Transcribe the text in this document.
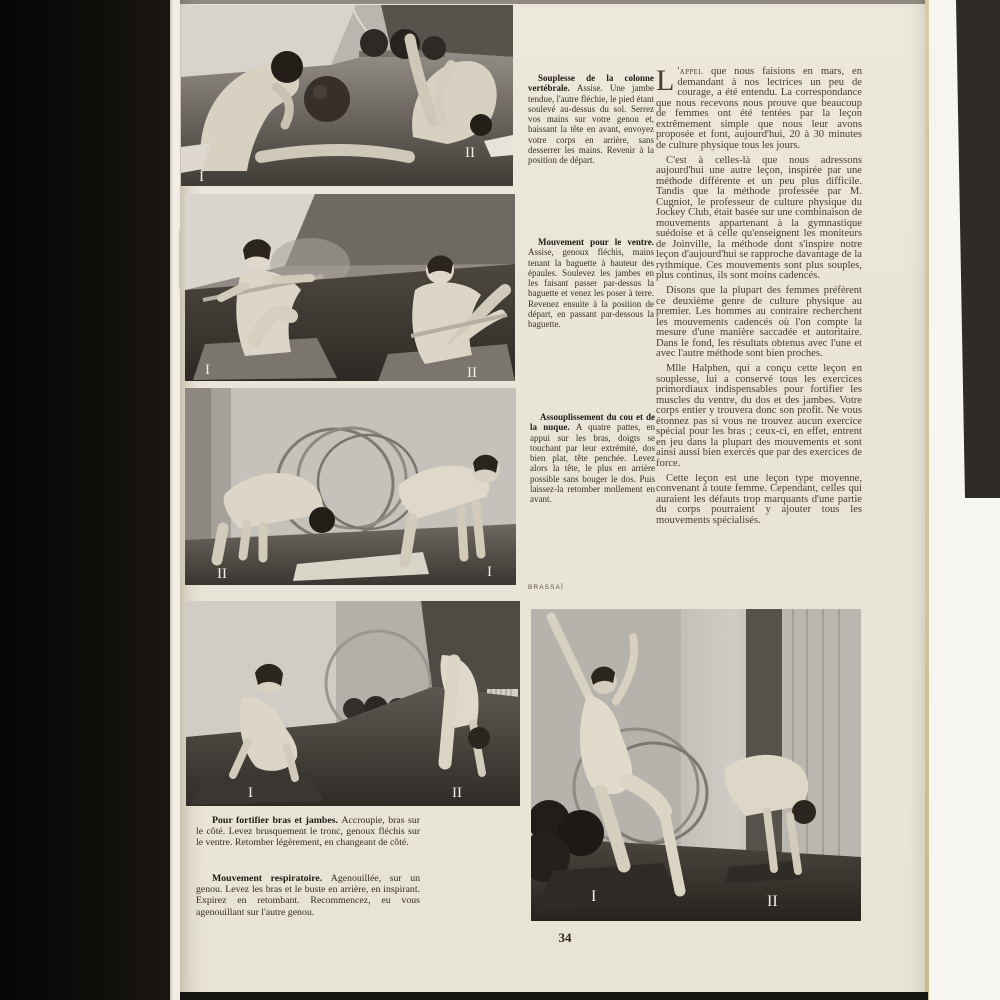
I
II
I	II
II	I
I	II
I	II
Souplesse de la colonne vertébrale. Assise. Une jambe tendue, l'autre fléchie, le pied étant soulevé au-dessus du sol. Serrez vos mains sur votre genou et, baissant la tête en avant, envoyez votre corps en arrière, sans desserrer les mains. Revenir à la position de départ.
Mouvement pour le ventre.Assise, genoux fléchis, mains tenant la baguette à hauteur des épaules. Soulevez les jambes en les faisant passer par-dessus la baguette et venez les poser à terre. Revenez ensuite à la position de départ, en passant par-dessous la baguette.
Assouplissement du cou et de la nuque. A quatre pattes, en appui sur les bras, doigts se touchant par leur extrémité, dos bien plat, tête penchée. Levez alors la tête, le plus en arrière possible sans bouger le dos. Puis laissez-la retomber mollement en avant.
BRASSAÏ

L 'appel que nous faisions en mars, en demandant à nos lectrices un peu de courage, a été entendu. La correspondance que nous recevons nous prouve que beaucoup de femmes ont été tentées par la leçon extrêmement simple que nous leur avons proposée et font, aujourd'hui, 20 à 30 minutes de culture physique tous les jours.

C'est à celles-là que nous adressons aujourd'hui une autre leçon, inspirée par une méthode différente et un peu plus difficile. Tandis que la méthode professée par M. Cugniot, le professeur de culture physique du Jockey Club, était basée sur une combinaison de mouvements appartenant à la gymnastique suédoise et à celle qu'enseignent les moniteurs de Joinville, la méthode dont s'inspire notre leçon d'aujourd'hui se rapproche davantage de la rythmique. Ces mouvements sont plus souples, plus continus, ils sont moins cadencés.

Disons que la plupart des femmes préfèrent ce deuxième genre de culture physique au premier. Les hommes au contraire recherchent les mouvements cadencés où l'on compte la mesure d'une manière saccadée et autoritaire. Dans le fond, les résultats obtenus avec l'une et avec l'autre méthode sont bien proches.

Mlle Halphen, qui a conçu cette leçon en souplesse, lui a conservé tous les exercices primordiaux indispensables pour fortifier les muscles du ventre, du dos et des jambes. Votre corps entier y trouvera donc son profit. Ne vous étonnez pas si vous ne trouvez aucun exercice spécial pour les bras ; ceux-ci, en effet, entrent en jeu dans la plupart des mouvements et sont ainsi aussi bien exercés que par des exercices de force.

Cette leçon est une leçon type moyenne, convenant à toute femme. Cependant, celles qui auraient les défauts trop marquants d'une partie du corps pourraient y ajouter tous les mouvements spécialisés.

Pour fortifier bras et jambes. Accroupie, bras sur le côté. Levez brusquement le tronc, genoux fléchis sur le ventre. Retomber légèrement, en changeant de côté.
Mouvement respiratoire. Agenouillée, sur un genou. Levez les bras et le buste en arrière, en inspirant. Expirez en retombant. Recommencez, eu vous agenouillant sur l'autre genou.
34
